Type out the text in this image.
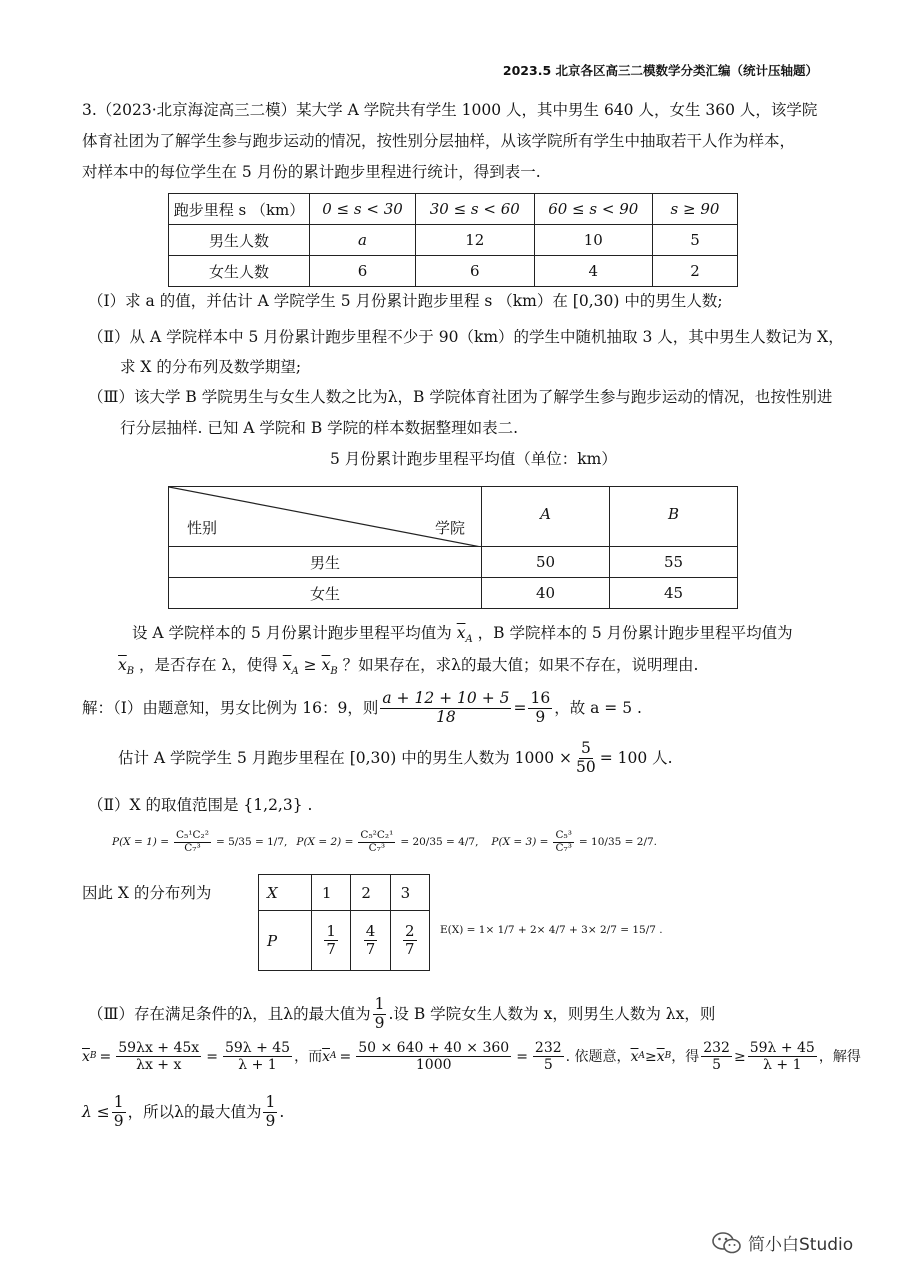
2023.5 北京各区高三二模数学分类汇编（统计压轴题）
3.（2023·北京海淀高三二模）某大学 A 学院共有学生 1000 人，其中男生 640 人，女生 360 人，该学院
体育社团为了解学生参与跑步运动的情况，按性别分层抽样，从该学院所有学生中抽取若干人作为样本，
对样本中的每位学生在 5 月份的累计跑步里程进行统计，得到表一.
跑步里程 s （km）	0 ≤ s < 30	30 ≤ s < 60	60 ≤ s < 90	s ≥ 90
男生人数	a	12	10	5
女生人数	6	6	4	2
（Ⅰ）求 a 的值，并估计 A 学院学生 5 月份累计跑步里程 s （km）在 [0,30) 中的男生人数;
（Ⅱ）从 A 学院样本中 5 月份累计跑步里程不少于 90（km）的学生中随机抽取 3 人，其中男生人数记为 X，
求 X 的分布列及数学期望;
（Ⅲ）该大学 B 学院男生与女生人数之比为λ，B 学院体育社团为了解学生参与跑步运动的情况，也按性别进
行分层抽样. 已知 A 学院和 B 学院的样本数据整理如表二.
5 月份累计跑步里程平均值（单位：km）
性别 学院	A	B
男生	50	55
女生	40	45
设 A 学院样本的 5 月份累计跑步里程平均值为 $\overline{x}_A$ ，B 学院样本的 5 月份累计跑步里程平均值为
$\overline{x}_B$ ，是否存在 λ，使得 $\overline{x}_A \ge \overline{x}_B$ ？如果存在，求λ的最大值；如果不存在，说明理由.
解：（Ⅰ）由题意知，男女比例为 16：9，则 $\frac{a + 12 + 10 + 5}{18} = \frac{16}{9}$ ，故 a = 5 .
估计 A 学院学生 5 月跑步里程在 [0,30) 中的男生人数为 $1000 \times \frac{5}{50} = 100$ 人.
（Ⅱ）X 的取值范围是 {1,2,3} .
$P(X = 1) = \frac{\text{C₅¹C₂²}}{\text{C₇³}} = 5/35 = 1/7$, $P(X = 2) = \frac{\text{C₅²C₂¹}}{\text{C₇³}} = 20/35 = 4/7$, $P(X = 3) = \frac{\text{C₅³}}{\text{C₇³}} = 10/35 = 2/7$.
因此 X 的分布列为	X	1	2	3
P	$\frac{1}{7}$	$\frac{4}{7}$	$\frac{2}{7} E(X) = 1\times 1/7 + 2\times 4/7 + 3\times 2/7 = 15/7$ .
（Ⅲ）存在满足条件的λ，且λ的最大值为 $\frac{1}{9}$ .设 B 学院女生人数为 x，则男生人数为 λx，则
$\overline{x}$ $B = \frac{59\lambda x + 45x}{\lambda x + x} = \frac{59\lambda + 45}{\lambda + 1}$ ，而 $\overline{x}$ $A = \frac{50 \times 640 + 40 \times 360}{1000} = \frac{232}{5}$ . 依题意， $\overline{x}$ $A \ge \overline{x}$ B ，得 $\frac{232}{5} \ge \frac{59\lambda + 45}{\lambda + 1}$ ，解得
$\lambda \le \frac{1}{9}$ ，所以λ的最大值为 $\frac{1}{9}$ .
简小白Studio
